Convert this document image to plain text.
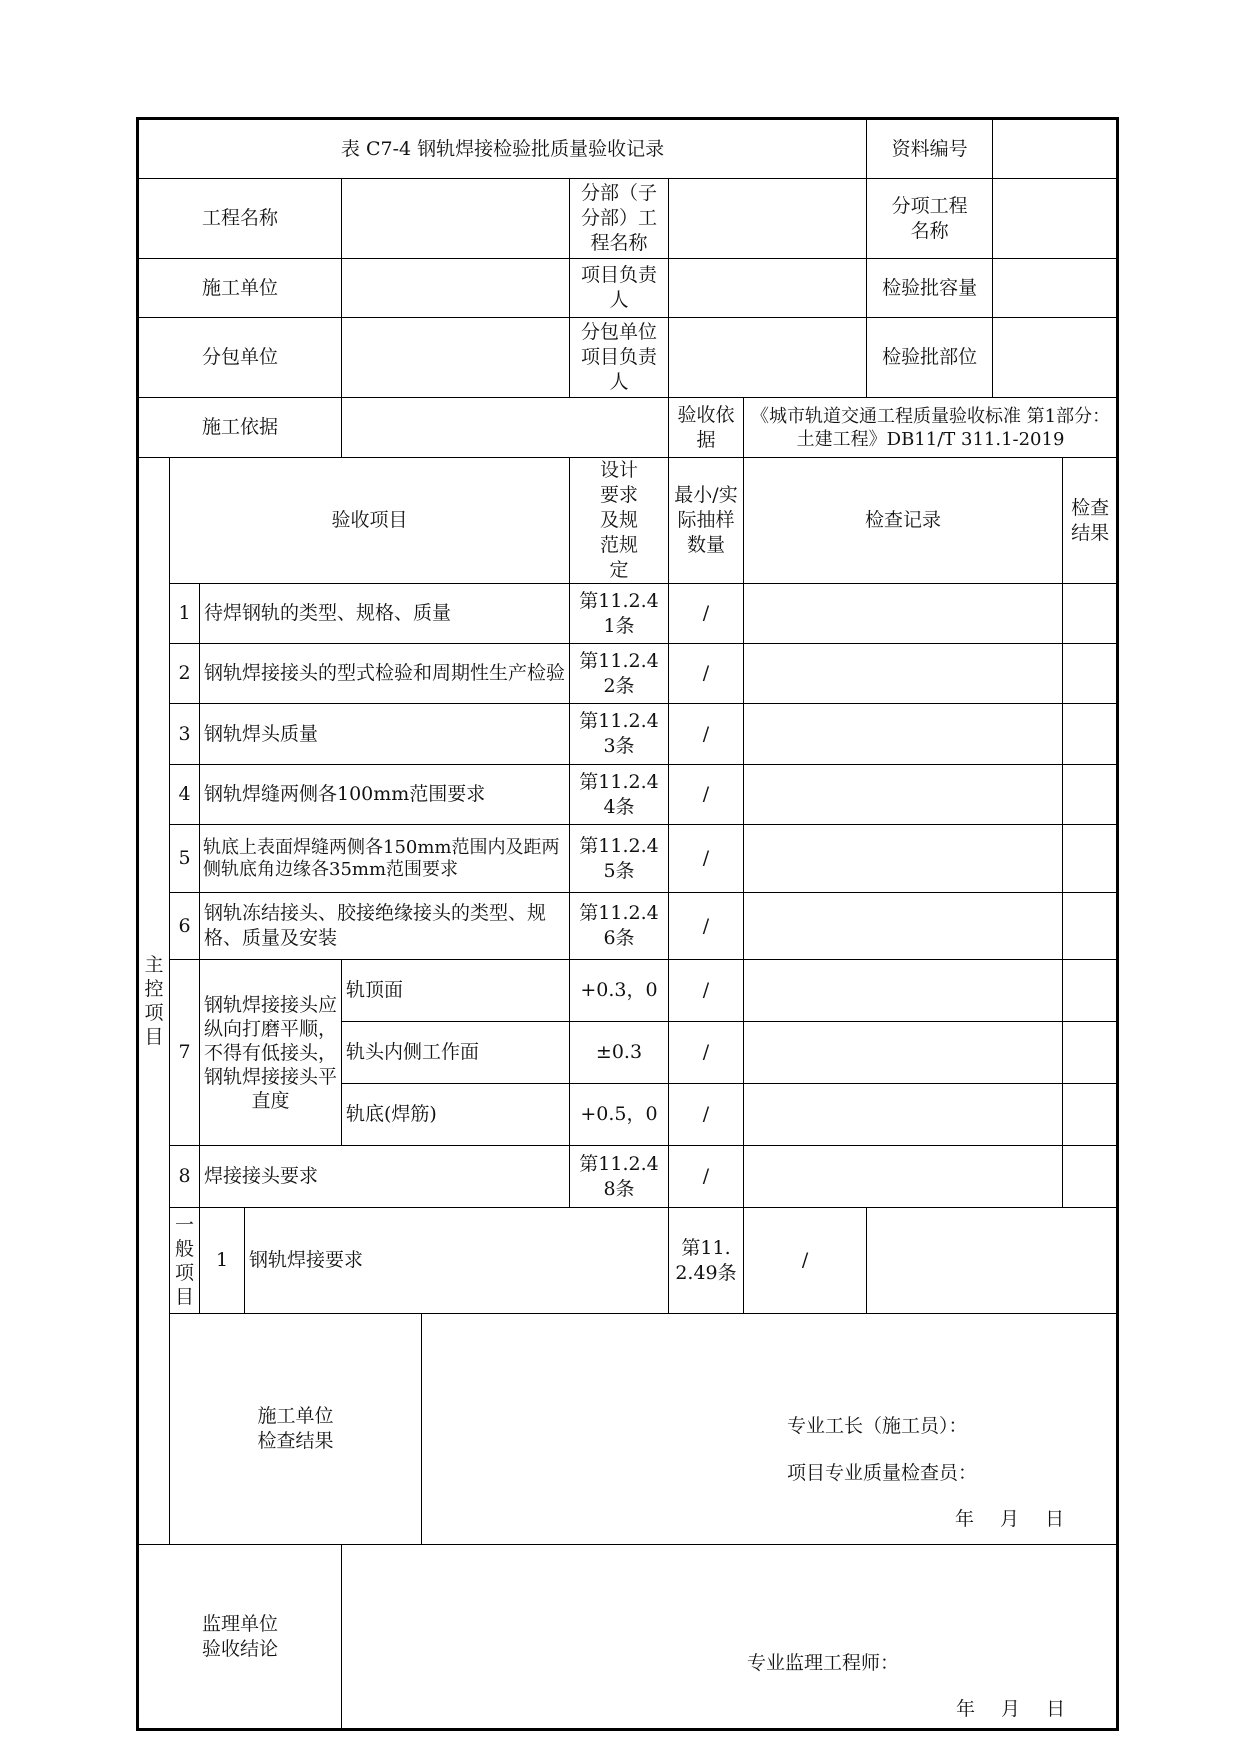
表 C7-4 钢轨焊接检验批质量验收记录									资料编号			
工程名称						分部（子分部）工程名称			分项工程名称			
施工单位						项目负责人			检验批容量			
分包单位						分包单位项目负责人			检验批部位			
施工依据							验收依据	《城市轨道交通工程质量验收标准 第1部分：土建工程》DB11/T 311.1-2019				

主控项目	验收项目					设计要求及规范规定	最小/实际抽样数量	检查记录			检查结果	
	1	待焊钢轨的类型、规格、质量				第11.2.41条	/					
	2	钢轨焊接接头的型式检验和周期性生产检验				第11.2.42条	/					
	3	钢轨焊头质量				第11.2.43条	/					
	4	钢轨焊缝两侧各100mm范围要求				第11.2.44条	/					
	5	轨底上表面焊缝两侧各150mm范围内及距两侧轨底角边缘各35mm范围要求				第11.2.45条	/					
	6	钢轨冻结接头、胶接绝缘接头的类型、规格、质量及安装				第11.2.46条	/					
	7	钢轨焊接接头应纵向打磨平顺，不得有低接头，钢轨焊接接头平直度		轨顶面		+0.3，0	/					
				轨头内侧工作面		±0.3	/					
				轨底(焊筋)		+0.5，0	/					
	8	焊接接头要求				第11.2.48条	/					

	一般项目	1	钢轨焊接要求				第11.2.49条	/				

	施工单位检查结果				专业工长（施工员）：
项目专业质量检查员：
年 月 日							

监理单位验收结论				专业监理工程师：
年 月 日								
